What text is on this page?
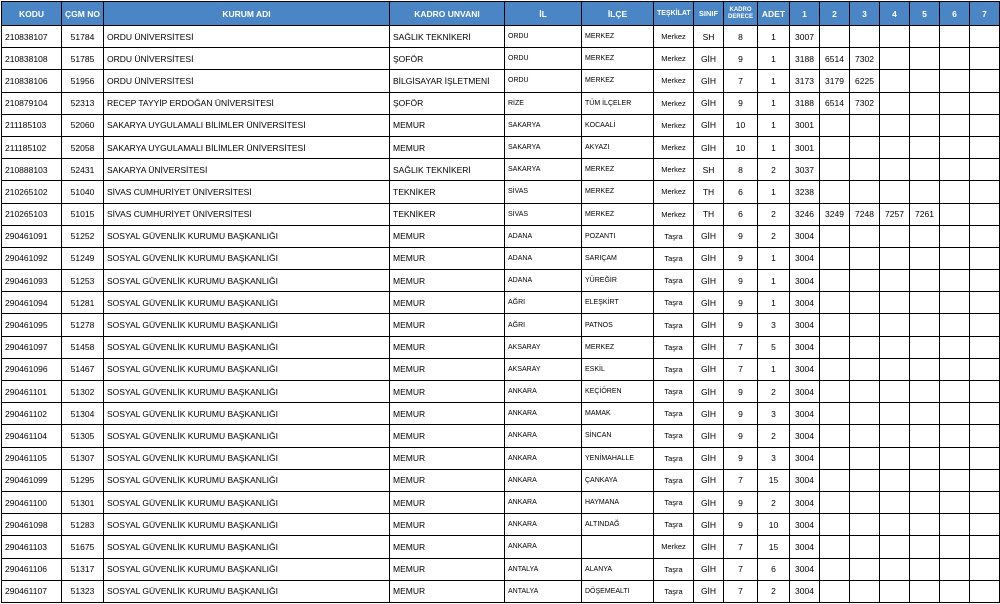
KODU	ÇGM NO	KURUM ADI	KADRO UNVANI	İL	İLÇE	TEŞKİLAT	SINIF	KADRO DERECE	ADET	1	2	3	4	5	6	7
210838107	51784	ORDU ÜNİVERSİTESİ	SAĞLIK TEKNİKERİ	ORDU	MERKEZ	Merkez	SH	8	1	3007						
210838108	51785	ORDU ÜNİVERSİTESİ	ŞOFÖR	ORDU	MERKEZ	Merkez	GİH	9	1	3188	6514	7302				
210838106	51956	ORDU ÜNİVERSİTESİ	BİLGİSAYAR İŞLETMENİ	ORDU	MERKEZ	Merkez	GİH	7	1	3173	3179	6225				
210879104	52313	RECEP TAYYİP ERDOĞAN ÜNİVERSİTESİ	ŞOFÖR	RİZE	TÜM İLÇELER	Merkez	GİH	9	1	3188	6514	7302				
211185103	52060	SAKARYA UYGULAMALI BİLİMLER ÜNİVERSİTESİ	MEMUR	SAKARYA	KOCAALİ	Merkez	GİH	10	1	3001						
211185102	52058	SAKARYA UYGULAMALI BİLİMLER ÜNİVERSİTESİ	MEMUR	SAKARYA	AKYAZI	Merkez	GİH	10	1	3001						
210888103	52431	SAKARYA ÜNİVERSİTESİ	SAĞLIK TEKNİKERİ	SAKARYA	MERKEZ	Merkez	SH	8	2	3037						
210265102	51040	SİVAS CUMHURİYET ÜNİVERSİTESİ	TEKNİKER	SİVAS	MERKEZ	Merkez	TH	6	1	3238						
210265103	51015	SİVAS CUMHURİYET ÜNİVERSİTESİ	TEKNİKER	SİVAS	MERKEZ	Merkez	TH	6	2	3246	3249	7248	7257	7261		
290461091	51252	SOSYAL GÜVENLİK KURUMU BAŞKANLIĞI	MEMUR	ADANA	POZANTI	Taşra	GİH	9	2	3004						
290461092	51249	SOSYAL GÜVENLİK KURUMU BAŞKANLIĞI	MEMUR	ADANA	SARIÇAM	Taşra	GİH	9	1	3004						
290461093	51253	SOSYAL GÜVENLİK KURUMU BAŞKANLIĞI	MEMUR	ADANA	YÜREĞİR	Taşra	GİH	9	1	3004						
290461094	51281	SOSYAL GÜVENLİK KURUMU BAŞKANLIĞI	MEMUR	AĞRI	ELEŞKİRT	Taşra	GİH	9	1	3004						
290461095	51278	SOSYAL GÜVENLİK KURUMU BAŞKANLIĞI	MEMUR	AĞRI	PATNOS	Taşra	GİH	9	3	3004						
290461097	51458	SOSYAL GÜVENLİK KURUMU BAŞKANLIĞI	MEMUR	AKSARAY	MERKEZ	Taşra	GİH	7	5	3004						
290461096	51467	SOSYAL GÜVENLİK KURUMU BAŞKANLIĞI	MEMUR	AKSARAY	ESKİL	Taşra	GİH	7	1	3004						
290461101	51302	SOSYAL GÜVENLİK KURUMU BAŞKANLIĞI	MEMUR	ANKARA	KEÇİÖREN	Taşra	GİH	9	2	3004						
290461102	51304	SOSYAL GÜVENLİK KURUMU BAŞKANLIĞI	MEMUR	ANKARA	MAMAK	Taşra	GİH	9	3	3004						
290461104	51305	SOSYAL GÜVENLİK KURUMU BAŞKANLIĞI	MEMUR	ANKARA	SİNCAN	Taşra	GİH	9	2	3004						
290461105	51307	SOSYAL GÜVENLİK KURUMU BAŞKANLIĞI	MEMUR	ANKARA	YENİMAHALLE	Taşra	GİH	9	3	3004						
290461099	51295	SOSYAL GÜVENLİK KURUMU BAŞKANLIĞI	MEMUR	ANKARA	ÇANKAYA	Taşra	GİH	7	15	3004						
290461100	51301	SOSYAL GÜVENLİK KURUMU BAŞKANLIĞI	MEMUR	ANKARA	HAYMANA	Taşra	GİH	9	2	3004						
290461098	51283	SOSYAL GÜVENLİK KURUMU BAŞKANLIĞI	MEMUR	ANKARA	ALTINDAĞ	Taşra	GİH	9	10	3004						
290461103	51675	SOSYAL GÜVENLİK KURUMU BAŞKANLIĞI	MEMUR	ANKARA		Merkez	GİH	7	15	3004						
290461106	51317	SOSYAL GÜVENLİK KURUMU BAŞKANLIĞI	MEMUR	ANTALYA	ALANYA	Taşra	GİH	7	6	3004						
290461107	51323	SOSYAL GÜVENLİK KURUMU BAŞKANLIĞI	MEMUR	ANTALYA	DÖŞEMEALTI	Taşra	GİH	7	2	3004						
